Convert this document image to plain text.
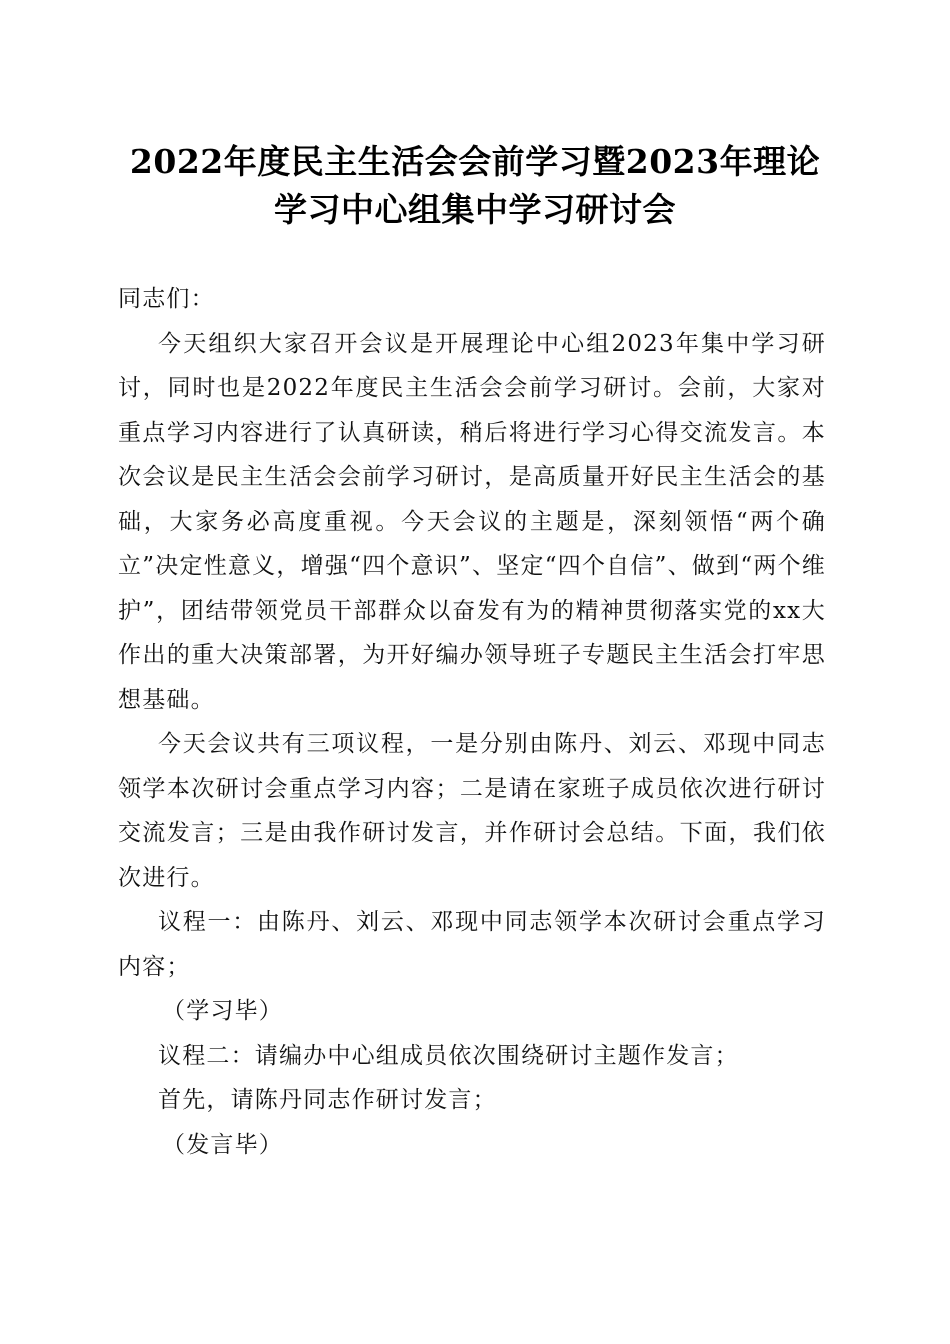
2022年度民主生活会会前学习暨2023年理论
学习中心组集中学习研讨会

同志们：

今天组织大家召开会议是开展理论中心组2023年集中学习研讨，同时也是2022年度民主生活会会前学习研讨。会前，大家对重点学习内容进行了认真研读，稍后将进行学习心得交流发言。本次会议是民主生活会会前学习研讨，是高质量开好民主生活会的基础，大家务必高度重视。今天会议的主题是，深刻领悟“两个确立”决定性意义，增强“四个意识”、坚定“四个自信”、做到“两个维护”，团结带领党员干部群众以奋发有为的精神贯彻落实党的xx大作出的重大决策部署，为开好编办领导班子专题民主生活会打牢思想基础。

今天会议共有三项议程，一是分别由陈丹、刘云、邓现中同志领学本次研讨会重点学习内容；二是请在家班子成员依次进行研讨交流发言；三是由我作研讨发言，并作研讨会总结。下面，我们依次进行。

议程一：由陈丹、刘云、邓现中同志领学本次研讨会重点学习内容；

（学习毕）

议程二：请编办中心组成员依次围绕研讨主题作发言；

首先，请陈丹同志作研讨发言；

（发言毕）
